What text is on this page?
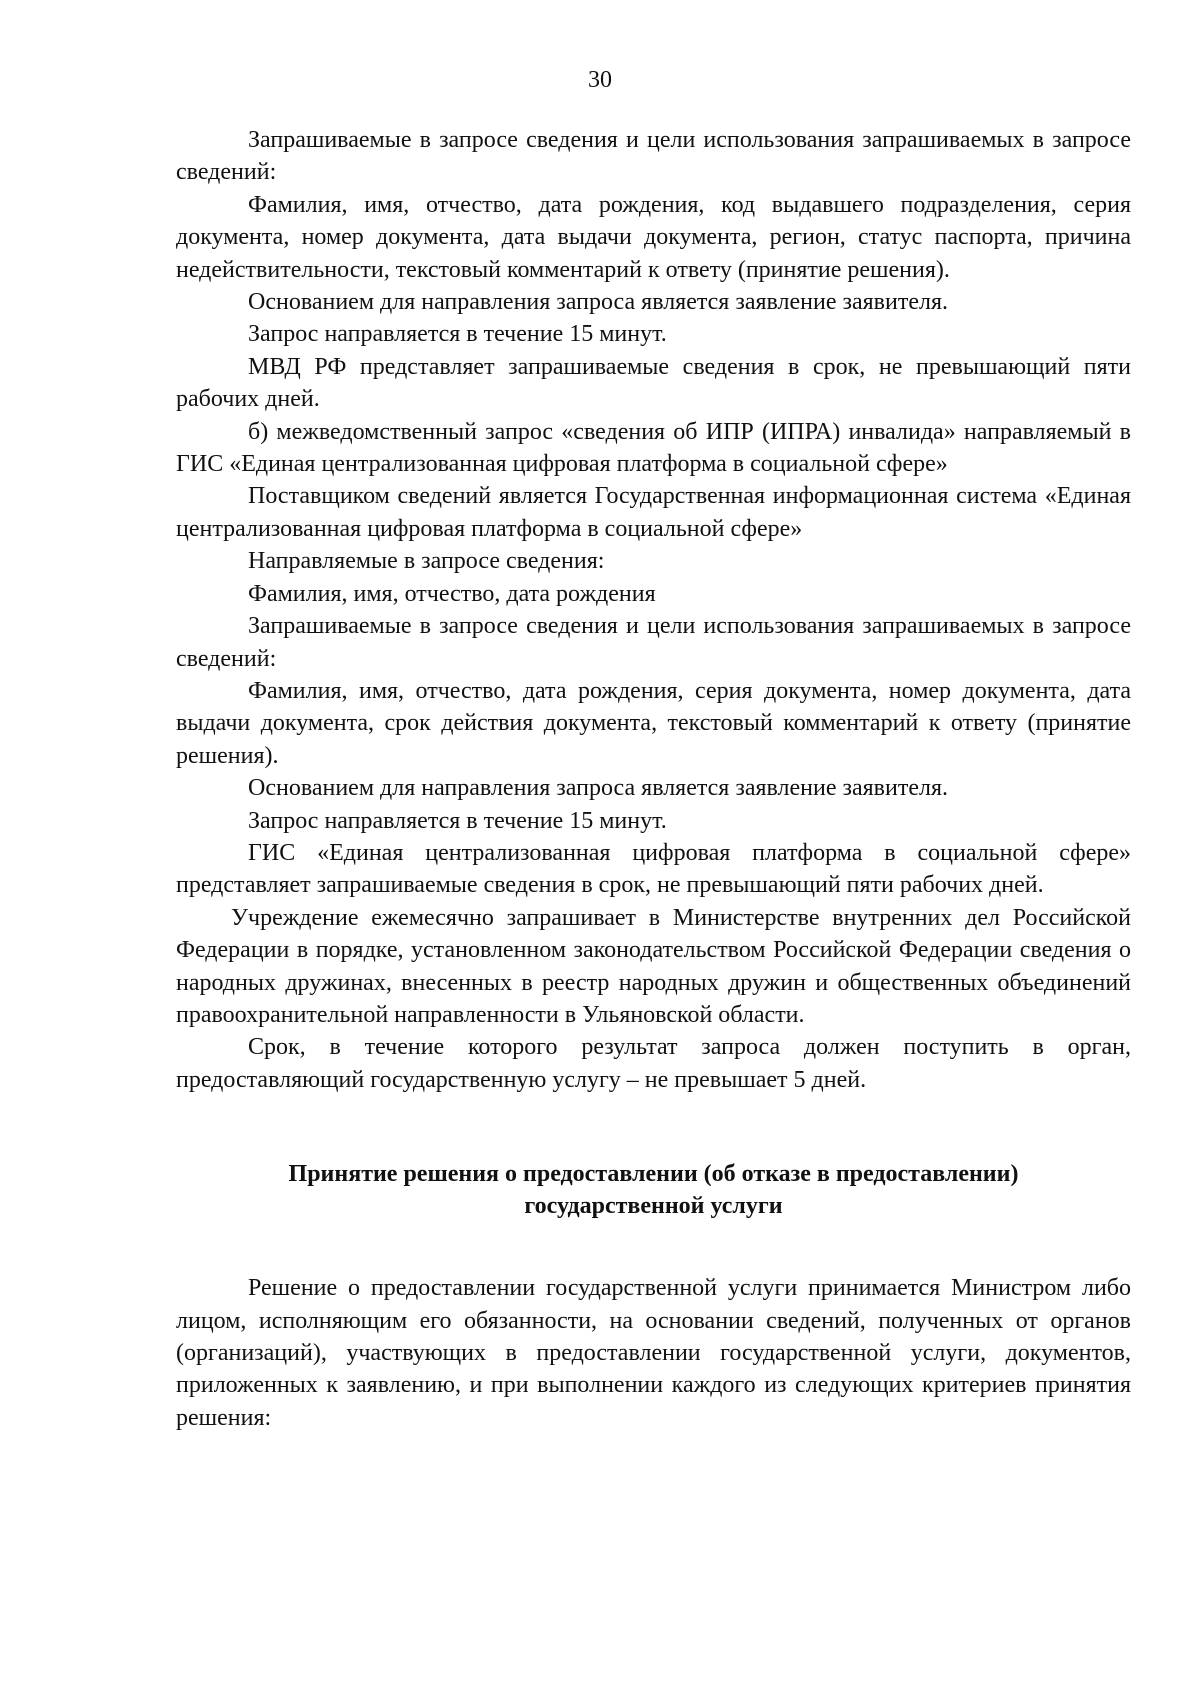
30

Запрашиваемые в запросе сведения и цели использования запрашиваемых в запросе сведений:

Фамилия, имя, отчество, дата рождения, код выдавшего подразделения, серия документа, номер документа, дата выдачи документа, регион, статус паспорта, причина недействительности, текстовый комментарий к ответу (принятие решения).

Основанием для направления запроса является заявление заявителя.

Запрос направляется в течение 15 минут.

МВД РФ представляет запрашиваемые сведения в срок, не превышающий пяти рабочих дней.

б) межведомственный запрос «сведения об ИПР (ИПРА) инвалида» направляемый в ГИС «Единая централизованная цифровая платформа в социальной сфере»

Поставщиком сведений является Государственная информационная система «Единая централизованная цифровая платформа в социальной сфере»

Направляемые в запросе сведения:

Фамилия, имя, отчество, дата рождения

Запрашиваемые в запросе сведения и цели использования запрашиваемых в запросе сведений:

Фамилия, имя, отчество, дата рождения, серия документа, номер документа, дата выдачи документа, срок действия документа, текстовый комментарий к ответу (принятие решения).

Основанием для направления запроса является заявление заявителя.

Запрос направляется в течение 15 минут.

ГИС «Единая централизованная цифровая платформа в социальной сфере» представляет запрашиваемые сведения в срок, не превышающий пяти рабочих дней.

Учреждение ежемесячно запрашивает в Министерстве внутренних дел Российской Федерации в порядке, установленном законодательством Российской Федерации сведения о народных дружинах, внесенных в реестр народных дружин и общественных объединений правоохранительной направленности в Ульяновской области.

Срок, в течение которого результат запроса должен поступить в орган, предоставляющий государственную услугу – не превышает 5 дней.

Принятие решения о предоставлении (об отказе в предоставлении)
государственной услуги

Решение о предоставлении государственной услуги принимается Министром либо лицом, исполняющим его обязанности, на основании сведений, полученных от органов (организаций), участвующих в предоставлении государственной услуги, документов, приложенных к заявлению, и при выполнении каждого из следующих критериев принятия решения:
